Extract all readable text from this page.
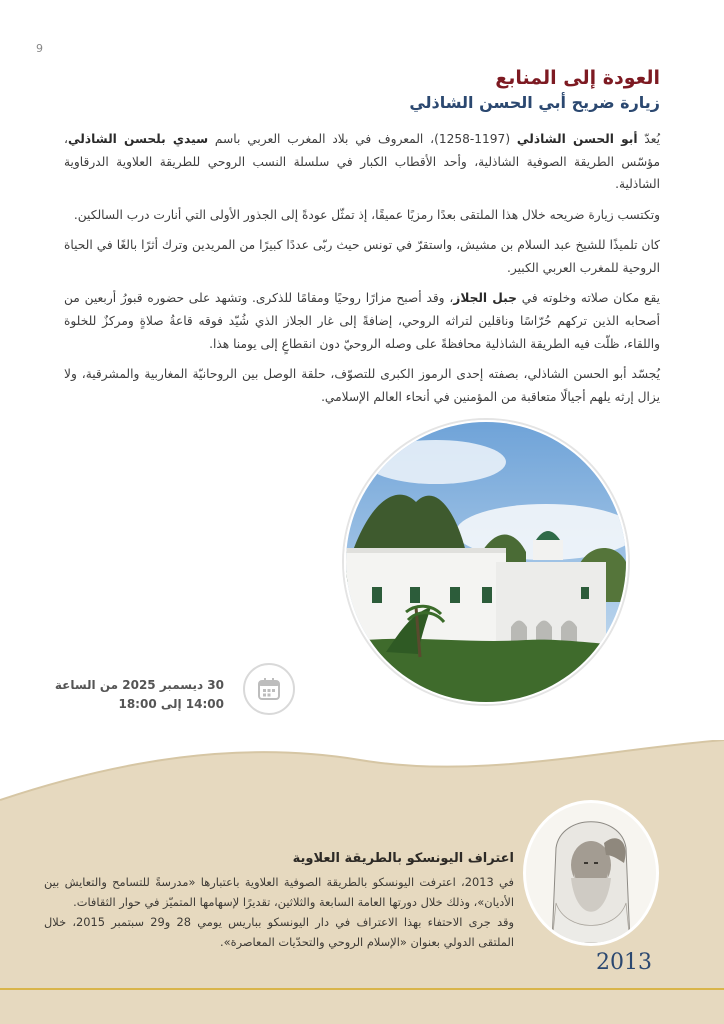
9
العودة إلى المنابع
زيارة ضريح أبي الحسن الشاذلي

يُعدّ أبو الحسن الشاذلي (1197-1258)، المعروف في بلاد المغرب العربي باسم سيدي بلحسن الشاذلي، مؤسّس الطريقة الصوفية الشاذلية، وأحد الأقطاب الكبار في سلسلة النسب الروحي للطريقة العلاوية الدرقاوية الشاذلية.

وتكتسب زيارة ضريحه خلال هذا الملتقى بعدًا رمزيًا عميقًا، إذ تمثّل عودةً إلى الجذور الأولى التي أنارت درب السالكين.

كان تلميذًا للشيخ عبد السلام بن مشيش، واستقرّ في تونس حيث ربّى عددًا كبيرًا من المريدين وترك أثرًا بالغًا في الحياة الروحية للمغرب العربي الكبير.

يقع مكان صلاته وخلوته في جبل الجلاز، وقد أصبح مزارًا روحيًا ومقامًا للذكرى. وتشهد على حضوره قبورُ أربعين من أصحابه الذين تركهم حُرّاسًا وناقلين لتراثه الروحي، إضافةً إلى غار الجلاز الذي شُيّد فوقه قاعةُ صلاةٍ ومركزٌ للخلوة واللقاء، ظلّت فيه الطريقة الشاذلية محافظةً على وصله الروحيّ دون انقطاعٍ إلى يومنا هذا.

يُجسّد أبو الحسن الشاذلي، بصفته إحدى الرموز الكبرى للتصوّف، حلقة الوصل بين الروحانيّة المغاربية والمشرقية، ولا يزال إرثه يلهم أجيالًا متعاقبة من المؤمنين في أنحاء العالم الإسلامي.

30 ديسمبر 2025 من الساعة
14:00 إلى 18:00
2013
اعتراف اليونسكو بالطريقة العلاوية

في 2013، اعترفت اليونسكو بالطريقة الصوفية العلاوية باعتبارها «مدرسةً للتسامح والتعايش بين الأديان»، وذلك خلال دورتها العامة السابعة والثلاثين، تقديرًا لإسهامها المتميّز في حوار الثقافات.

وقد جرى الاحتفاء بهذا الاعتراف في دار اليونسكو بباريس يومي 28 و29 سبتمبر 2015، خلال الملتقى الدولي بعنوان «الإسلام الروحي والتحدّيات المعاصرة».
